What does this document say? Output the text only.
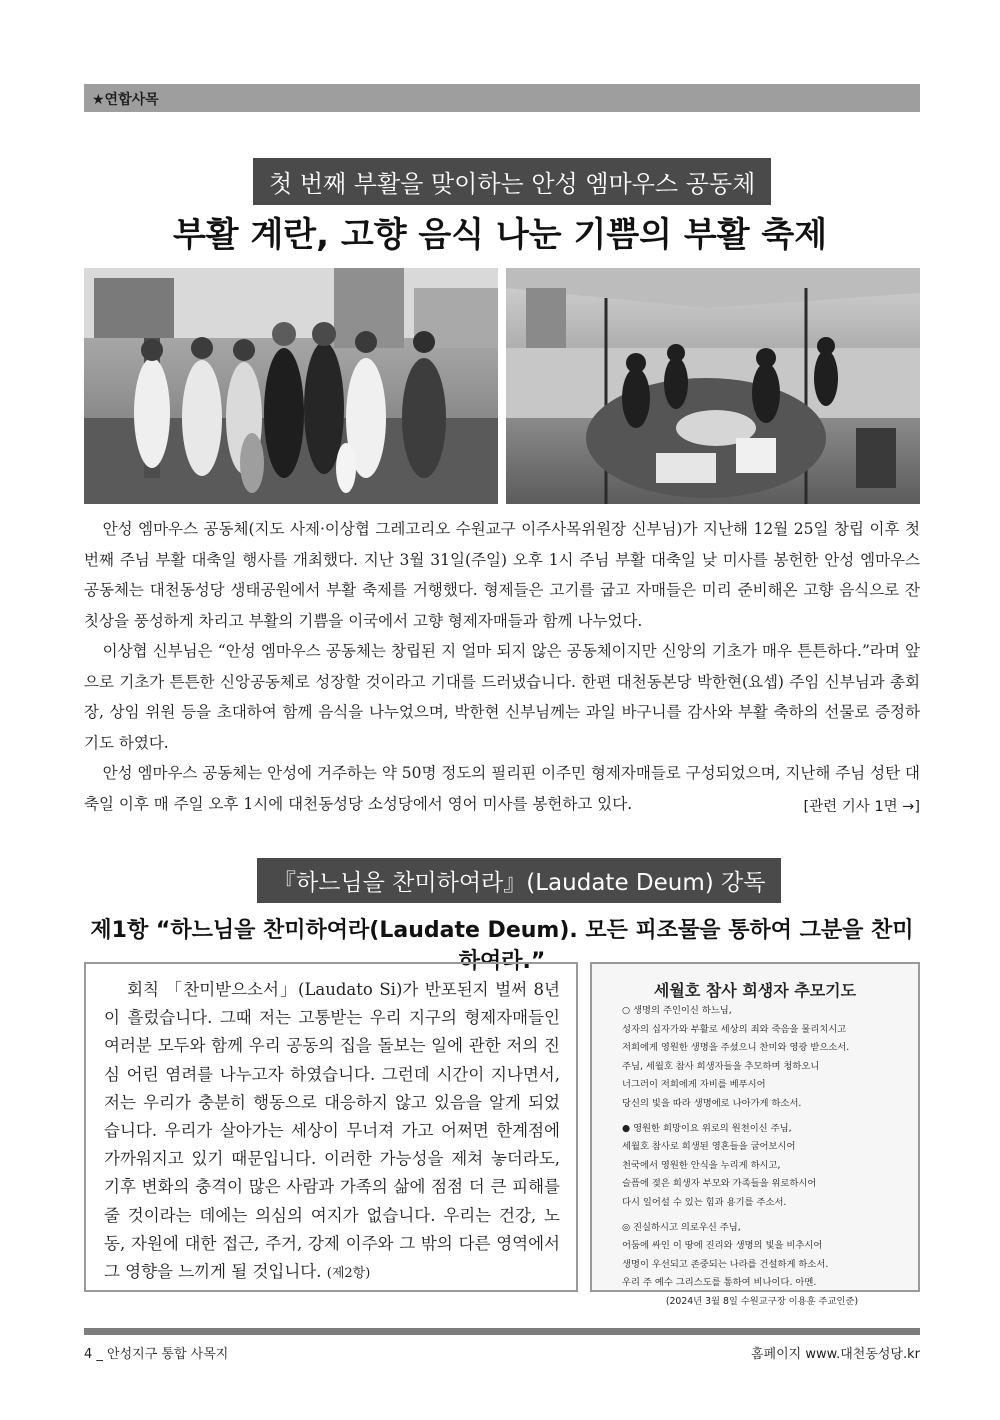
★연합사목
첫 번째 부활을 맞이하는 안성 엠마우스 공동체
부활 계란, 고향 음식 나눈 기쁨의 부활 축제

안성 엠마우스 공동체(지도 사제·이상협 그레고리오 수원교구 이주사목위원장 신부님)가 지난해 12월 25일 창립 이후 첫 번째 주님 부활 대축일 행사를 개최했다. 지난 3월 31일(주일) 오후 1시 주님 부활 대축일 낮 미사를 봉헌한 안성 엠마우스 공동체는 대천동성당 생태공원에서 부활 축제를 거행했다. 형제들은 고기를 굽고 자매들은 미리 준비해온 고향 음식으로 잔칫상을 풍성하게 차리고 부활의 기쁨을 이국에서 고향 형제자매들과 함께 나누었다.

이상협 신부님은 “안성 엠마우스 공동체는 창립된 지 얼마 되지 않은 공동체이지만 신앙의 기초가 매우 튼튼하다.”라며 앞으로 기초가 튼튼한 신앙공동체로 성장할 것이라고 기대를 드러냈습니다. 한편 대천동본당 박한현(요셉) 주임 신부님과 총회장, 상임 위원 등을 초대하여 함께 음식을 나누었으며, 박한현 신부님께는 과일 바구니를 감사와 부활 축하의 선물로 증정하기도 하였다.

안성 엠마우스 공동체는 안성에 거주하는 약 50명 정도의 필리핀 이주민 형제자매들로 구성되었으며, 지난해 주님 성탄 대축일 이후 매 주일 오후 1시에 대천동성당 소성당에서 영어 미사를 봉헌하고 있다.	[관련 기사 1면 →]
『하느님을 찬미하여라』(Laudate Deum) 강독
제1항 “하느님을 찬미하여라(Laudate Deum). 모든 피조물을 통하여 그분을 찬미하여라.”

회칙 「찬미받으소서」(Laudato Si)가 반포된지 벌써 8년이 흘렀습니다. 그때 저는 고통받는 우리 지구의 형제자매들인 여러분 모두와 함께 우리 공동의 집을 돌보는 일에 관한 저의 진심 어린 염려를 나누고자 하였습니다. 그런데 시간이 지나면서, 저는 우리가 충분히 행동으로 대응하지 않고 있음을 알게 되었습니다. 우리가 살아가는 세상이 무너져 가고 어쩌면 한계점에 가까워지고 있기 때문입니다. 이러한 가능성을 제쳐 놓더라도, 기후 변화의 충격이 많은 사람과 가족의 삶에 점점 더 큰 피해를 줄 것이라는 데에는 의심의 여지가 없습니다. 우리는 건강, 노동, 자원에 대한 접근, 주거, 강제 이주와 그 밖의 다른 영역에서 그 영향을 느끼게 될 것입니다. (제2항)

세월호 참사 희생자 추모기도
○ 생명의 주인이신 하느님,
성자의 십자가와 부활로 세상의 죄와 죽음을 물리치시고
저희에게 영원한 생명을 주셨으니 찬미와 영광 받으소서.
주님, 세월호 참사 희생자들을 추모하며 청하오니
너그러이 저희에게 자비를 베푸시어
당신의 빛을 따라 생명에로 나아가게 하소서.
● 영원한 희망이요 위로의 원천이신 주님,
세월호 참사로 희생된 영혼들을 굽어보시어
천국에서 영원한 안식을 누리게 하시고,
슬픔에 젖은 희생자 부모와 가족들을 위로하시어
다시 일어설 수 있는 힘과 용기를 주소서.
◎ 진실하시고 의로우신 주님,
어둠에 싸인 이 땅에 진리와 생명의 빛을 비추시어
생명이 우선되고 존중되는 나라를 건설하게 하소서.
우리 주 예수 그리스도를 통하여 비나이다. 아멘.
(2024년 3월 8일 수원교구장 이용훈 주교인준)
4 _ 안성지구 통합 사목지	홈페이지 www.대천동성당.kr
